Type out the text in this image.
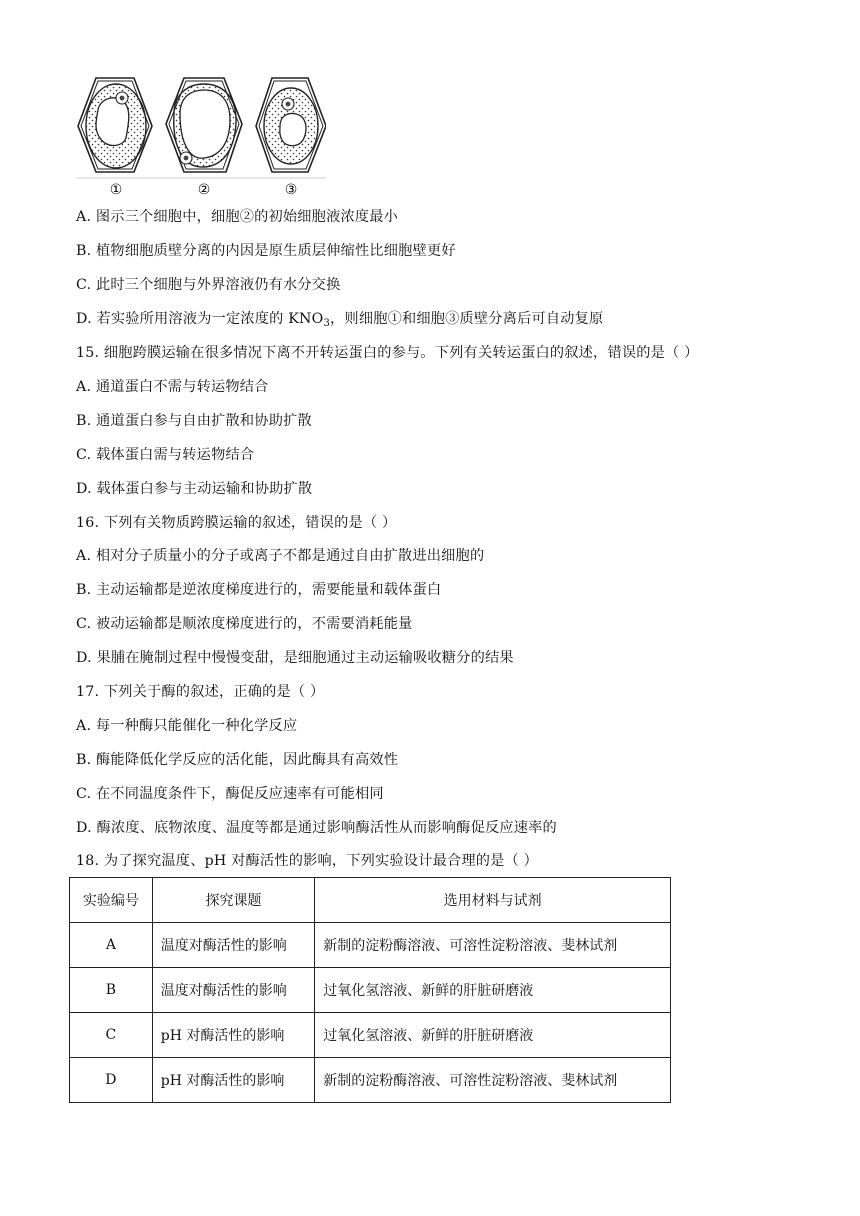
①	②	③
A. 图示三个细胞中，细胞②的初始细胞液浓度最小
B. 植物细胞质壁分离的内因是原生质层伸缩性比细胞壁更好
C. 此时三个细胞与外界溶液仍有水分交换
D. 若实验所用溶液为一定浓度的 $KNO_3$，则细胞①和细胞③质壁分离后可自动复原
15. 细胞跨膜运输在很多情况下离不开转运蛋白的参与。下列有关转运蛋白的叙述，错误的是（ ）
A. 通道蛋白不需与转运物结合
B. 通道蛋白参与自由扩散和协助扩散
C. 载体蛋白需与转运物结合
D. 载体蛋白参与主动运输和协助扩散
16. 下列有关物质跨膜运输的叙述，错误的是（ ）
A. 相对分子质量小的分子或离子不都是通过自由扩散进出细胞的
B. 主动运输都是逆浓度梯度进行的，需要能量和载体蛋白
C. 被动运输都是顺浓度梯度进行的，不需要消耗能量
D. 果脯在腌制过程中慢慢变甜，是细胞通过主动运输吸收糖分的结果
17. 下列关于酶的叙述，正确的是（ ）
A. 每一种酶只能催化一种化学反应
B. 酶能降低化学反应的活化能，因此酶具有高效性
C. 在不同温度条件下，酶促反应速率有可能相同
D. 酶浓度、底物浓度、温度等都是通过影响酶活性从而影响酶促反应速率的
18. 为了探究温度、pH 对酶活性的影响，下列实验设计最合理的是（ ）
实验编号	探究课题	选用材料与试剂
A	温度对酶活性的影响	新制的淀粉酶溶液、可溶性淀粉溶液、斐林试剂
B	温度对酶活性的影响	过氧化氢溶液、新鲜的肝脏研磨液
C	pH 对酶活性的影响	过氧化氢溶液、新鲜的肝脏研磨液
D	pH 对酶活性的影响	新制的淀粉酶溶液、可溶性淀粉溶液、斐林试剂
